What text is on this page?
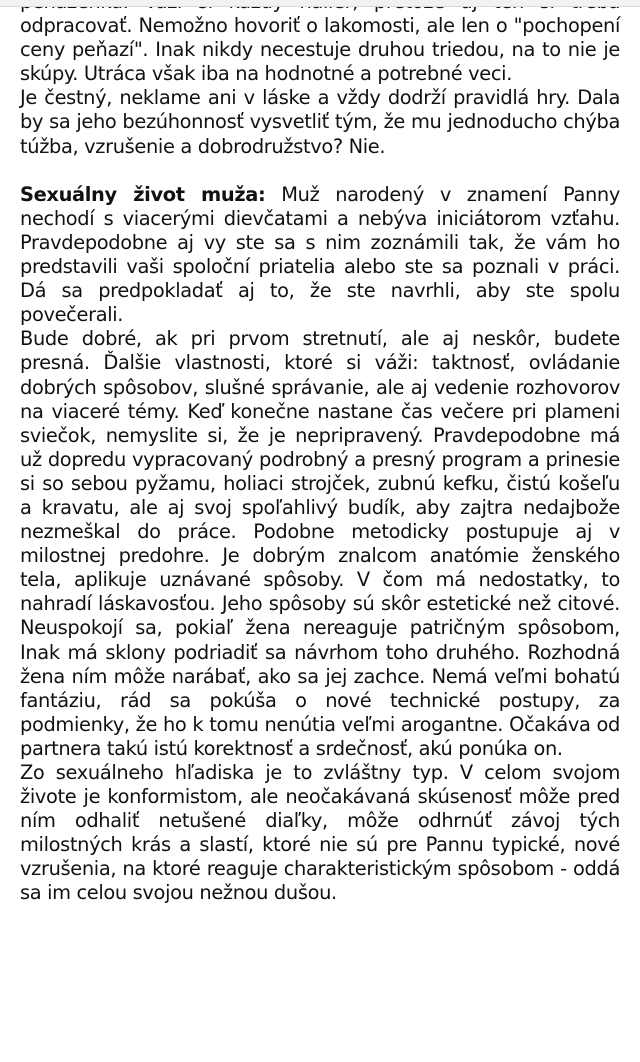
odpracovať. Nemožno hovoriť o lakomosti, ale len o "pochopení ceny peňazí". Inak nikdy necestuje druhou triedou, na to nie je skúpy. Utráca však iba na hodnotné a potrebné veci.

Je čestný, neklame ani v láske a vždy dodrží pravidlá hry. Dala by sa jeho bezúhonnosť vysvetliť tým, že mu jednoducho chýba túžba, vzrušenie a dobrodružstvo? Nie.

Sexuálny život muža: Muž narodený v znamení Panny nechodí s viacerými dievčatami a nebýva iniciátorom vzťahu. Pravdepodobne aj vy ste sa s nim zoznámili tak, že vám ho predstavili vaši spoloční priatelia alebo ste sa poznali v práci. Dá sa predpokladať aj to, že ste navrhli, aby ste spolu povečerali.

Bude dobré, ak pri prvom stretnutí, ale aj neskôr, budete presná. Ďalšie vlastnosti, ktoré si váži: taktnosť, ovládanie dobrých spôsobov, slušné správanie, ale aj vedenie rozhovorov na viaceré témy. Keď konečne nastane čas večere pri plameni sviečok, nemyslite si, že je nepripravený. Pravdepodobne má už dopredu vypracovaný podrobný a presný program a prinesie si so sebou pyžamu, holiaci strojček, zubnú kefku, čistú košeľu a kravatu, ale aj svoj spoľahlivý budík, aby zajtra nedajbože nezmeškal do práce. Podobne metodicky postupuje aj v milostnej predohre. Je dobrým znalcom anatómie ženského tela, aplikuje uznávané spôsoby. V čom má nedostatky, to nahradí láskavosťou. Jeho spôsoby sú skôr estetické než citové. Neuspokojí sa, pokiaľ žena nereaguje patričným spôsobom, Inak má sklony podriadiť sa návrhom toho druhého. Rozhodná žena ním môže narábať, ako sa jej zachce. Nemá veľmi bohatú fantáziu, rád sa pokúša o nové technické postupy, za podmienky, že ho k tomu nenútia veľmi arogantne. Očakáva od partnera takú istú korektnosť a srdečnosť, akú ponúka on.

Zo sexuálneho hľadiska je to zvláštny typ. V celom svojom živote je konformistom, ale neočakávaná skúsenosť môže pred ním odhaliť netušené diaľky, môže odhrnúť závoj tých milostných krás a slastí, ktoré nie sú pre Pannu typické, nové vzrušenia, na ktoré reaguje charakteristickým spôsobom - oddá sa im celou svojou nežnou dušou.
